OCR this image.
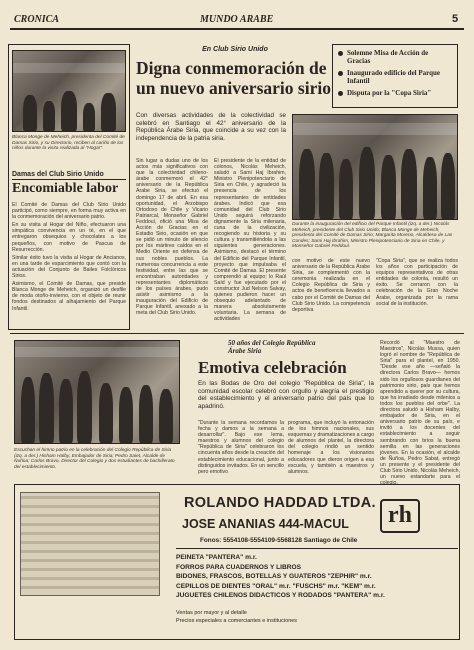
CRONICA	MUNDO ARABE	5
Blanca Monge de Meheich, presidenta del Comité de Damas Sirio, y su Directorio, reciben al cariño de los niños durante la visita realizada al "Hogar".
Damas del Club Sirio Unido
Encomiable labor

El Comité de Damas del Club Sirio Unido participó, como siempre, en forma muy activa en la conmemoración del aniversario patrio.

En su visita al Hogar del Niño, efectuaron una simpática convivencia en un té, en el que entregaron obsequios y chocolates a los pequeños, con motivo de Pascua de Resurrección.

Similar éxito tuvo la visita al Hogar de Ancianos, en una tarde de esparcimiento que contó con la actuación del Conjunto de Bailes Folclóricos Sirios.

Asimismo, el Comité de Damas, que preside Blanca Monge de Meheich, organizó un desfile de moda otoño-invierno, con el objeto de reunir fondos destinados al alhajamiento del Parque Infantil.

En Club Sirio Unido
Digna conmemoración de un nuevo aniversario sirio
Solemne Misa de Acción de Gracias
Inaugurado edificio del Parque Infantil
Disputa por la "Copa Siria"
Con diversas actividades de la colectividad se celebró en Santiago el 42° aniversario de la República Árabe Siria, que coincide a su vez con la independencia de la patria siria.
Durante la inauguración del edificio del Parque Infantil (izq. a der.) Nicolás Meheich, presidente del Club Sirio Unido; Blanca Monge de Meheich, presidenta del Comité de Damas Sirio; Margarita Moreno, Alcaldesa de Las Condes; Sami Haj Ibrahim, Ministro Plenipotenciario de Siria en Chile, y Monseñor Gabriel Feddoul.
Sin lugar a dudas uno de los actos más significativos con que la colectividad chileno-árabe conmemoró el 42° aniversario de la República Árabe Siria, se efectuó el domingo 17 de abril. En esa oportunidad, el Arzobispo Ortodoxo de Chile y Vicario Patriarcal, Monseñor Gabriel Feddoul, ofició una Misa de Acción de Gracias en el Estadio Sirio, ocasión en que se pidió un minuto de silencio por los mártires caídos en el Medio Oriente en defensa de sus nobles pueblos. La numerosa concurrencia a este festividad, entre las que se encontraban autoridades y representantes diplomáticos de los países árabes, pudo asistir asimismo a la inauguración del Edificio de Parque Infantil, anexado a la meta del Club Sirio Unido.
El presidente de la entidad de colonos, Nicolás Meheich, saludó a Sami Haj Ibrahim, Ministro Plenipotenciario de Siria en Chile, y agradeció la presencia de los representantes de entidades árabes. Indicó que esa comunidad del Club Sirio Unido seguirá reforzando dignamente la Siria milenaria, cuna de la civilización, recogiendo su historia y su cultura y transmitiéndola a las siguientes generaciones. Asimismo, destacó el término del Edificio del Parque Infantil, proyecto que impulsaba el Comité de Damas. El presente comprendió al equipo; lo Raúl Saíd y fue ejecutado por el constructor Jud Nelson Salvay, quienes pudieron hacer un obsequio adelantado de manera absolutamente voluntaria. La semana de actividades
con motivo de este nuevo aniversario de la República Árabe Siria, se complementó con la ceremonia realizada en el Colegio República de Siria y actos de beneficencia llevados a cabo por el Comité de Damas del Club Sirio Unido. La competencia deportiva
"Copa Siria", que se realiza todos los años con participación de equipos representativos de otras entidades de colonia, resultó un éxito. Se cerraron con la celebración de la Gran Noche Árabe, organizada por la rama social de la institución.
Escuchan el himno patrio en la celebración del Colegio República de Siria (izq. a der.) Hisham Halby, Embajador de Siria; Pedro Saiet, Alcalde de Ñuñoa; Carlos Bravo, Director del Colegio y dos estudiantes de bachillerato del establecimiento.
50 años del Colegio República Árabe Siria
Emotiva celebración
En las Bodas de Oro del colegio "República de Siria", la comunidad escolar celebró con orgullo y alegría el prestigio del establecimiento y el aniversario patrio del país que lo apadrinó.
"Durante la semana recordamos la fecha y damos a la semana a desarrollar". Bajo ese lema, maestros y alumnos del colegio "República de Siria" celebraron los cincuenta años desde la creación del establecimiento educacional, junto a distinguidos invitados. En un sencillo pero emotivo
programa, que incluyó la entonación de los himnos nacionales, sus esquemas y dramatizaciones a cargo de alumnos del plantel, la directora del colegio rindió un sentido homenaje a los visionarios educadores que dieron origen a esa escuela, y también a maestros y alumnos.
Recordó al "Maestro de Maestros", Nicolás Mussa, quien logró el nombre de "República de Siria" para el plantel, en 1950. "Desde ese año —señaló la directora Carlos Bravo— hemos sido los orgullosos guardianes del patrimonio sirio, país que hemos aprendido a querer por su cultura, que ha irradiado desde milenios a todos los pueblos del orbe". La directora saludó a Hisham Halby, embajador de Siria, en el aniversario patrio de su país, e invitó a los docentes del establecimiento a seguir sembrando con brios la buena semilla en las generaciones jóvenes. En la ocasión, el alcalde de Ñuñoa, Pedro Sabat, entregó un presente y el presidente del Club Sirio Unido, Nicolás Meheich, un nuevo estandarte para el colegio.
ROLANDO HADDAD LTDA.
JOSE ANANIAS 444-MACUL
Fonos: 5554108-5554109-5568128 Santiago de Chile
rh
PEINETA "PANTERA" m.r.
FORROS PARA CUADERNOS Y LIBROS
BIDONES, FRASCOS, BOTELLAS Y GUATEROS "ZEPHIR" m.r.
CEPILLOS DE DIENTES "ORAL" m.r. "FUSCHS" m.r. "KEM" m.r.
JUGUETES CHILENOS DIDACTICOS Y RODADOS "PANTERA" m.r.
Ventas por mayor y al detalle
Precios especiales a comerciantes e instituciones
